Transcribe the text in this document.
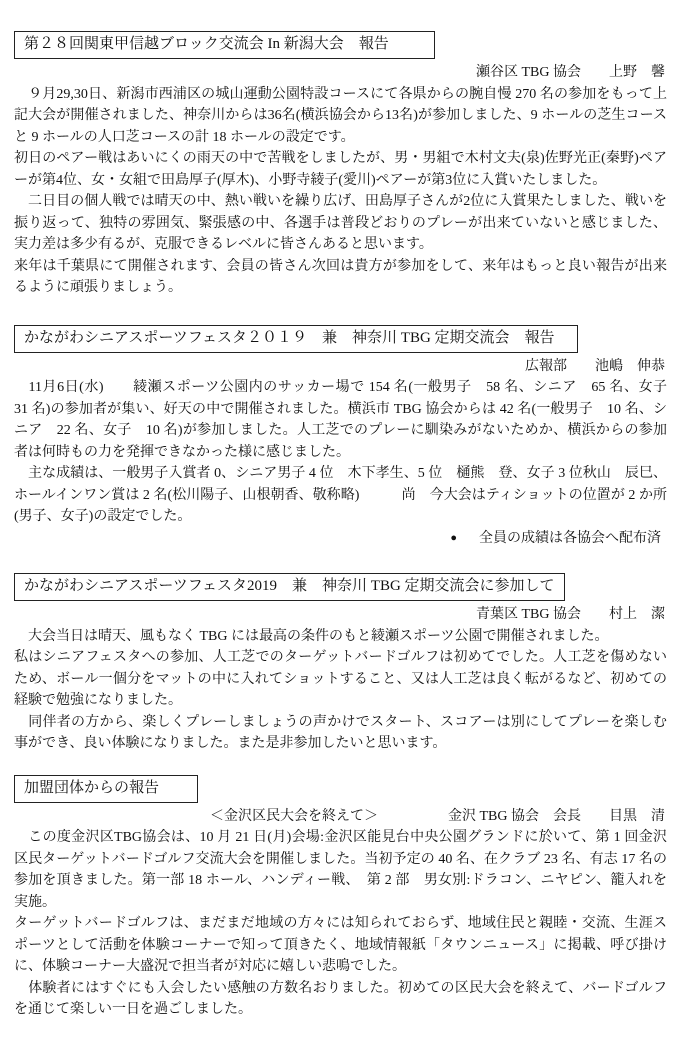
第２８回関東甲信越ブロック交流会 In 新潟大会　報告
瀬谷区 TBG 協会　　上野　馨

　９月29,30日、新潟市西浦区の城山運動公園特設コースにて各県からの腕自慢 270 名の参加をもって上記大会が開催されました、神奈川からは36名(横浜協会から13名)が参加しました、9 ホールの芝生コースと 9 ホールの人口芝コースの計 18 ホールの設定です。

初日のペアー戦はあいにくの雨天の中で苦戦をしましたが、男・男組で木村文夫(泉)佐野光正(秦野)ペアーが第4位、女・女組で田島厚子(厚木)、小野寺綾子(愛川)ペアーが第3位に入賞いたしました。

　二日目の個人戦では晴天の中、熱い戦いを繰り広げ、田島厚子さんが2位に入賞果たしました、戦いを振り返って、独特の雰囲気、緊張感の中、各選手は普段どおりのプレーが出来ていないと感じました、実力差は多少有るが、克服できるレベルに皆さんあると思います。

来年は千葉県にて開催されます、会員の皆さん次回は貴方が参加をして、来年はもっと良い報告が出来るように頑張りましょう。

かながわシニアスポーツフェスタ２０１９　兼　神奈川 TBG 定期交流会　報告
広報部　　池嶋　伸恭

　11月6日(水)　　綾瀬スポーツ公園内のサッカー場で 154 名(一般男子　58 名、シニア　65 名、女子　31 名)の参加者が集い、好天の中で開催されました。横浜市 TBG 協会からは 42 名(一般男子　10 名、シニア　22 名、女子　10 名)が参加しました。人工芝でのプレーに馴染みがないためか、横浜からの参加者は何時もの力を発揮できなかった様に感じました。

　主な成績は、一般男子入賞者 0、シニア男子 4 位　木下孝生、5 位　樋熊　登、女子 3 位秋山　辰巳、ホールインワン賞は 2 名(松川陽子、山根朝香、敬称略)　　　尚　今大会はティショットの位置が 2 か所(男子、女子)の設定でした。

● 全員の成績は各協会へ配布済
かながわシニアスポーツフェスタ2019　兼　神奈川 TBG 定期交流会に参加して
青葉区 TBG 協会　　村上　潔

　大会当日は晴天、風もなく TBG には最高の条件のもと綾瀬スポーツ公園で開催されました。

私はシニアフェスタへの参加、人工芝でのターゲットバードゴルフは初めてでした。人工芝を傷めないため、ボール一個分をマットの中に入れてショットすること、又は人工芝は良く転がるなど、初めての経験で勉強になりました。

　同伴者の方から、楽しくプレーしましょうの声かけでスタート、スコアーは別にしてプレーを楽しむ事ができ、良い体験になりました。また是非参加したいと思います。

加盟団体からの報告
＜金沢区民大会を終えて＞	金沢 TBG 協会　会長　　目黒　清

　この度金沢区TBG協会は、10 月 21 日(月)会場:金沢区能見台中央公園グランドに於いて、第 1 回金沢区民ターゲットバードゴルフ交流大会を開催しました。当初予定の 40 名、在クラブ 23 名、有志 17 名の参加を頂きました。第一部 18 ホール、ハンディー戦、　第 2 部　男女別:ドラコン、ニヤピン、籠入れを実施。

ターゲットバードゴルフは、まだまだ地域の方々には知られておらず、地域住民と親睦・交流、生涯スポーツとして活動を体験コーナーで知って頂きたく、地域情報紙「タウンニュース」に掲載、呼び掛けに、体験コーナー大盛況で担当者が対応に嬉しい悲鳴でした。

　体験者にはすぐにも入会したい感触の方数名おりました。初めての区民大会を終えて、バードゴルフを通じて楽しい一日を過ごしました。
